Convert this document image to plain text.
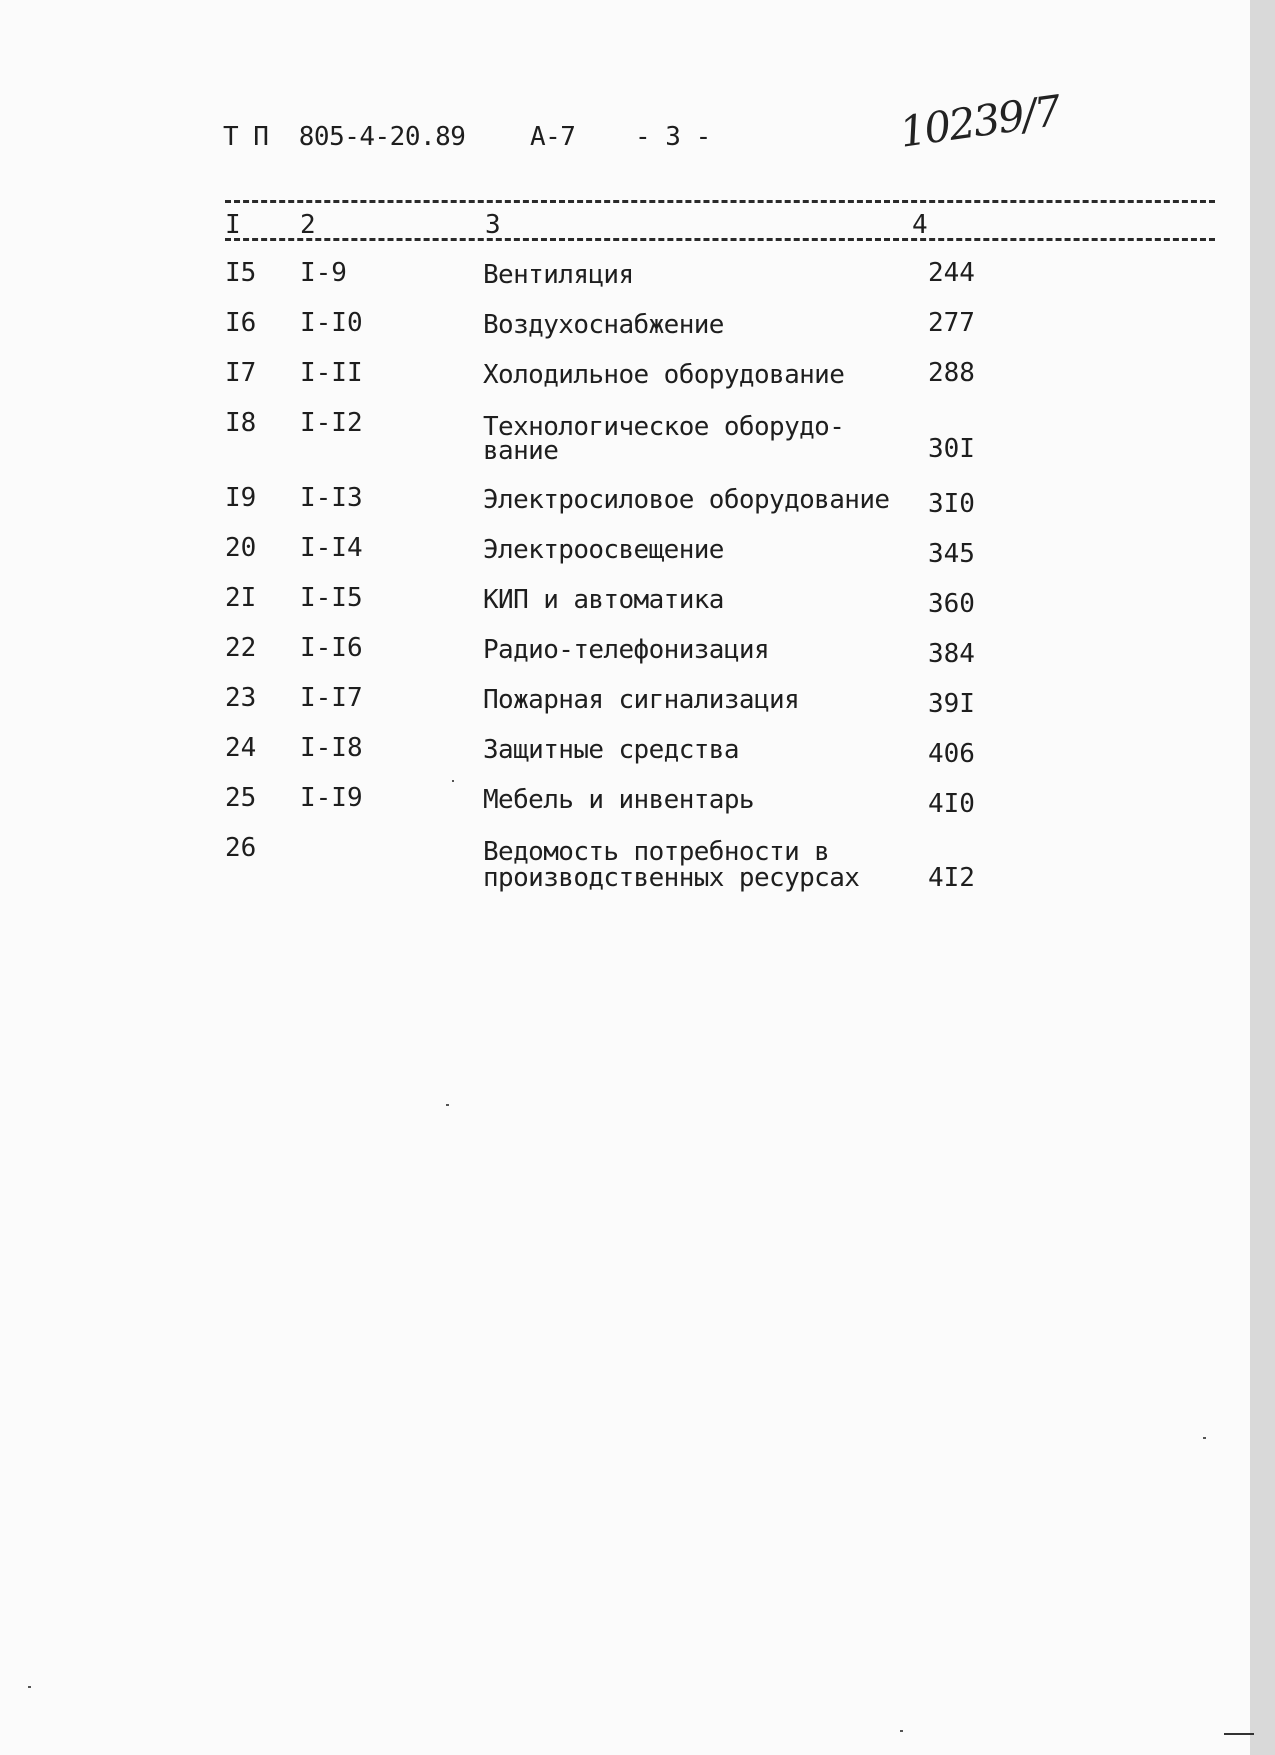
Т П  805-4-20.89 А-7 - 3 -	10239/7
I 2	3	4
I5 I-9	Вентиляция	244
I6 I-I0	Воздухоснабжение	277
I7 I-II	Холодильное оборудование	288
I8 I-I2	Технологическое оборудо-
вание	30I
I9 I-I3	Электросиловое оборудование 3I0
20 I-I4	Электроосвещение	345
2I I-I5	КИП и автоматика	360
22 I-I6	Радио-телефонизация	384
23 I-I7	Пожарная сигнализация	39I
24 I-I8	Защитные средства	406
25 I-I9	Мебель и инвентарь	4I0
26	Ведомость потребности в
производственных ресурсах	4I2
